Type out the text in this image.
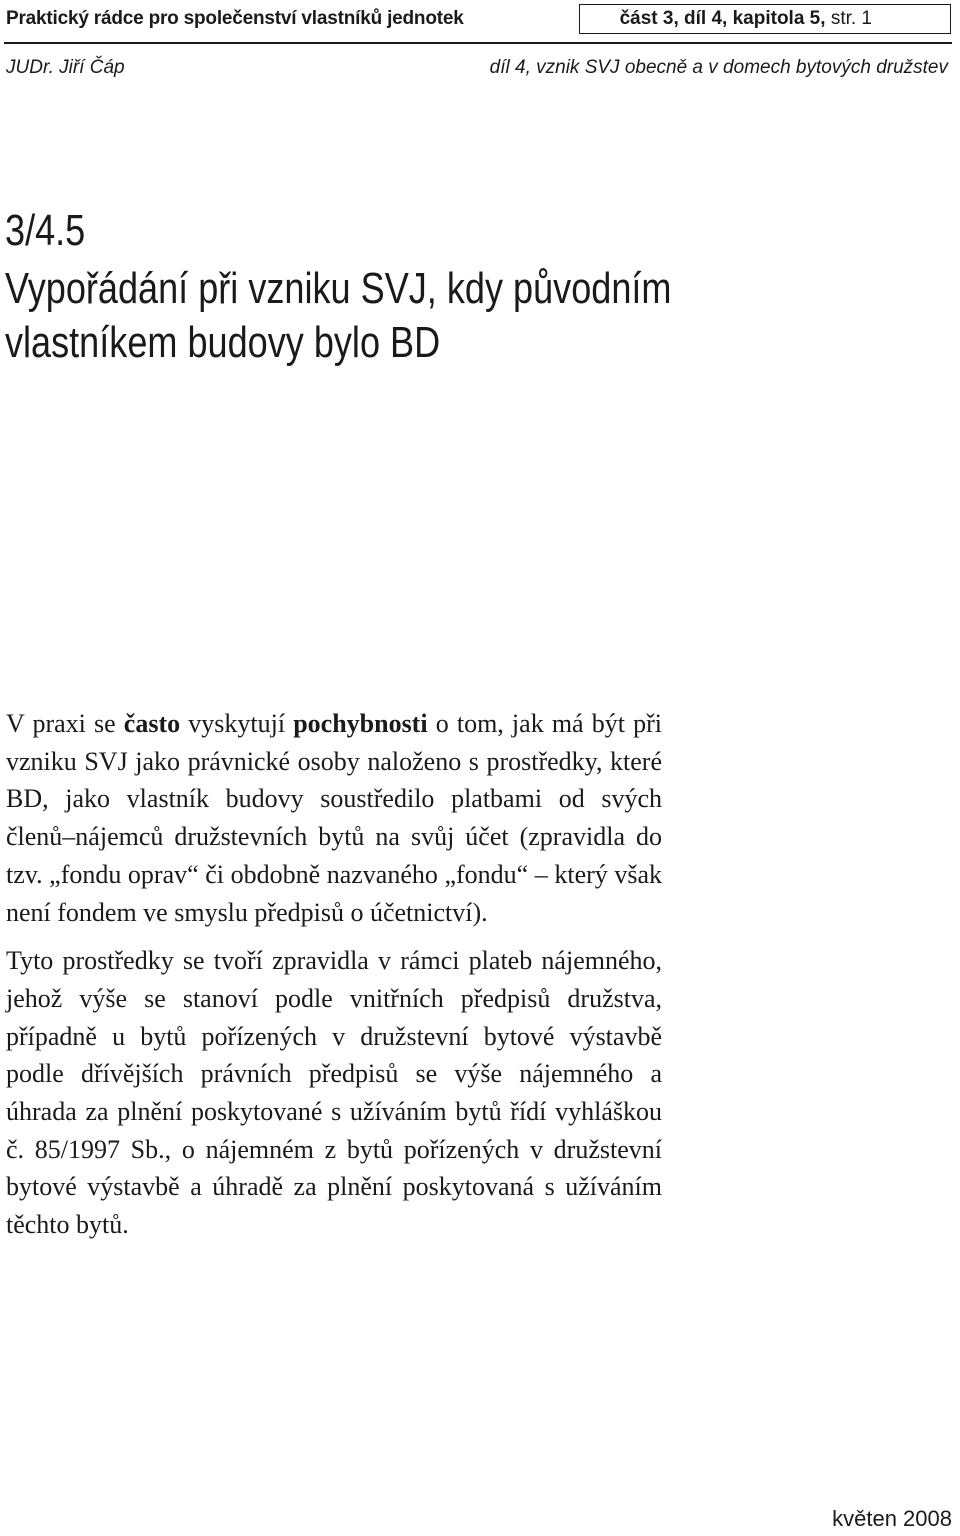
Praktický rádce pro společenství vlastníků jednotek	část 3, díl 4, kapitola 5, str. 1
JUDr. Jiří Čáp	díl 4, vznik SVJ obecně a v domech bytových družstev
3/4.5
Vypořádání při vzniku SVJ, kdy původním
vlastníkem budovy bylo BD

V praxi se často vyskytují pochybnosti o tom, jak má být při vzniku SVJ jako právnické osoby naloženo s prostředky, které BD, jako vlastník budovy soustředilo platbami od svých členů–nájemců družstevních bytů na svůj účet (zpravidla do tzv. „fondu oprav“ či obdobně nazvaného „fondu“ – který však není fondem ve smyslu předpisů o účetnictví).

Tyto prostředky se tvoří zpravidla v rámci plateb nájemného, jehož výše se stanoví podle vnitřních předpisů družstva, případně u bytů pořízených v družstevní bytové výstavbě podle dřívějších právních předpisů se výše nájemného a úhrada za plnění poskytované s užíváním bytů řídí vyhláškou č. 85/1997 Sb., o nájemném z bytů pořízených v družstevní bytové výstavbě a úhradě za plnění poskytovaná s užíváním těchto bytů.

květen 2008
